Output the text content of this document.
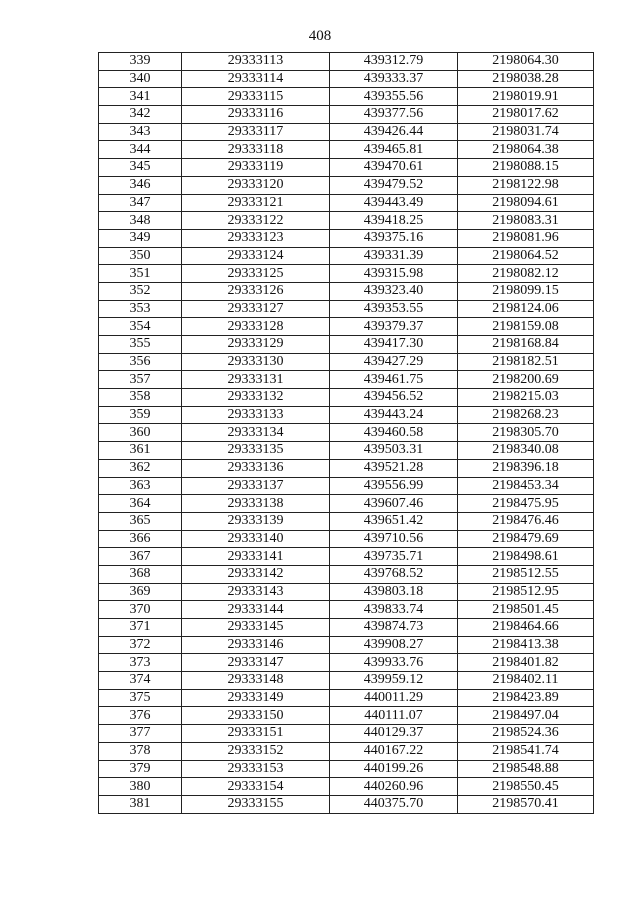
408
339	29333113	439312.79	2198064.30
340	29333114	439333.37	2198038.28
341	29333115	439355.56	2198019.91
342	29333116	439377.56	2198017.62
343	29333117	439426.44	2198031.74
344	29333118	439465.81	2198064.38
345	29333119	439470.61	2198088.15
346	29333120	439479.52	2198122.98
347	29333121	439443.49	2198094.61
348	29333122	439418.25	2198083.31
349	29333123	439375.16	2198081.96
350	29333124	439331.39	2198064.52
351	29333125	439315.98	2198082.12
352	29333126	439323.40	2198099.15
353	29333127	439353.55	2198124.06
354	29333128	439379.37	2198159.08
355	29333129	439417.30	2198168.84
356	29333130	439427.29	2198182.51
357	29333131	439461.75	2198200.69
358	29333132	439456.52	2198215.03
359	29333133	439443.24	2198268.23
360	29333134	439460.58	2198305.70
361	29333135	439503.31	2198340.08
362	29333136	439521.28	2198396.18
363	29333137	439556.99	2198453.34
364	29333138	439607.46	2198475.95
365	29333139	439651.42	2198476.46
366	29333140	439710.56	2198479.69
367	29333141	439735.71	2198498.61
368	29333142	439768.52	2198512.55
369	29333143	439803.18	2198512.95
370	29333144	439833.74	2198501.45
371	29333145	439874.73	2198464.66
372	29333146	439908.27	2198413.38
373	29333147	439933.76	2198401.82
374	29333148	439959.12	2198402.11
375	29333149	440011.29	2198423.89
376	29333150	440111.07	2198497.04
377	29333151	440129.37	2198524.36
378	29333152	440167.22	2198541.74
379	29333153	440199.26	2198548.88
380	29333154	440260.96	2198550.45
381	29333155	440375.70	2198570.41
